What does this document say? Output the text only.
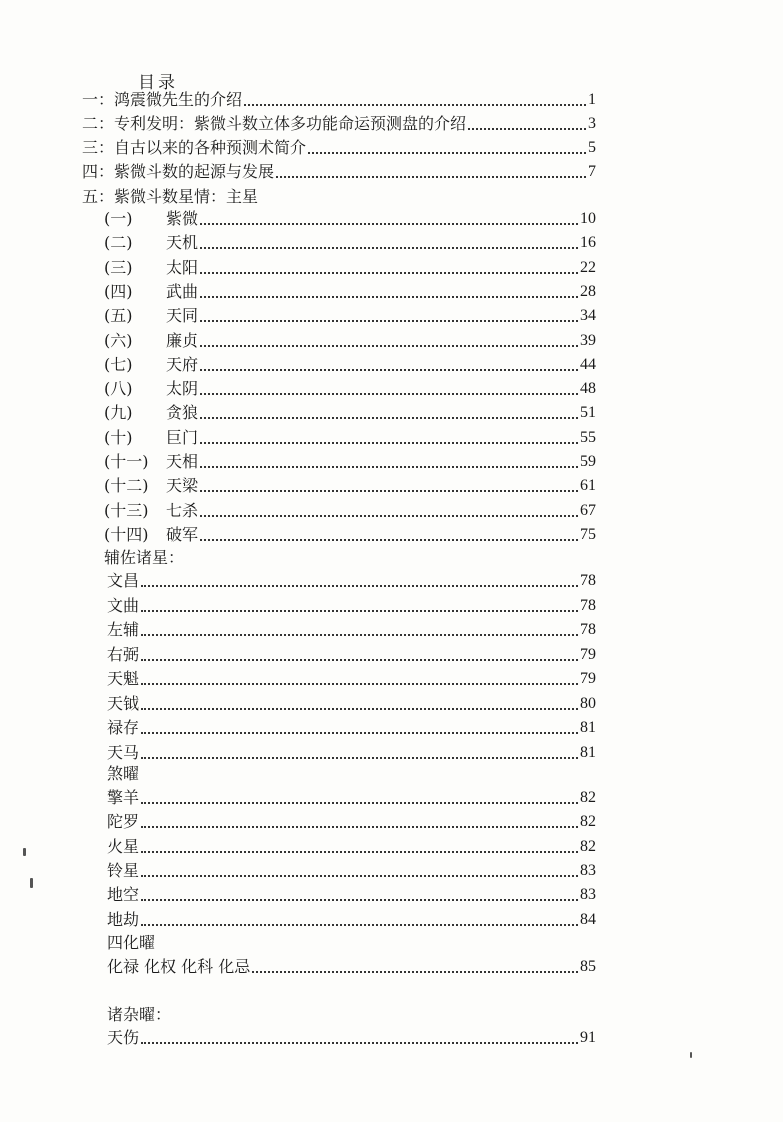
目录
一：鸿震微先生的介绍	1
二：专利发明：紫微斗数立体多功能命运预测盘的介绍	3
三：自古以来的各种预测术简介	5
四：紫微斗数的起源与发展	7
五：紫微斗数星情：主星
(一)	紫微	10
(二)	天机	16
(三)	太阳	22
(四)	武曲	28
(五)	天同	34
(六)	廉贞	39
(七)	天府	44
(八)	太阴	48
(九)	贪狼	51
(十)	巨门	55
(十一)	天相	59
(十二)	天梁	61
(十三)	七杀	67
(十四)	破军	75
辅佐诸星：
文昌	78
文曲	78
左辅	78
右弼	79
天魁	79
天钺	80
禄存	81
天马	81
煞曜
擎羊	82
陀罗	82
火星	82
铃星	83
地空	83
地劫	84
四化曜
化禄 化权 化科 化忌	85
诸杂曜：
天伤	91
